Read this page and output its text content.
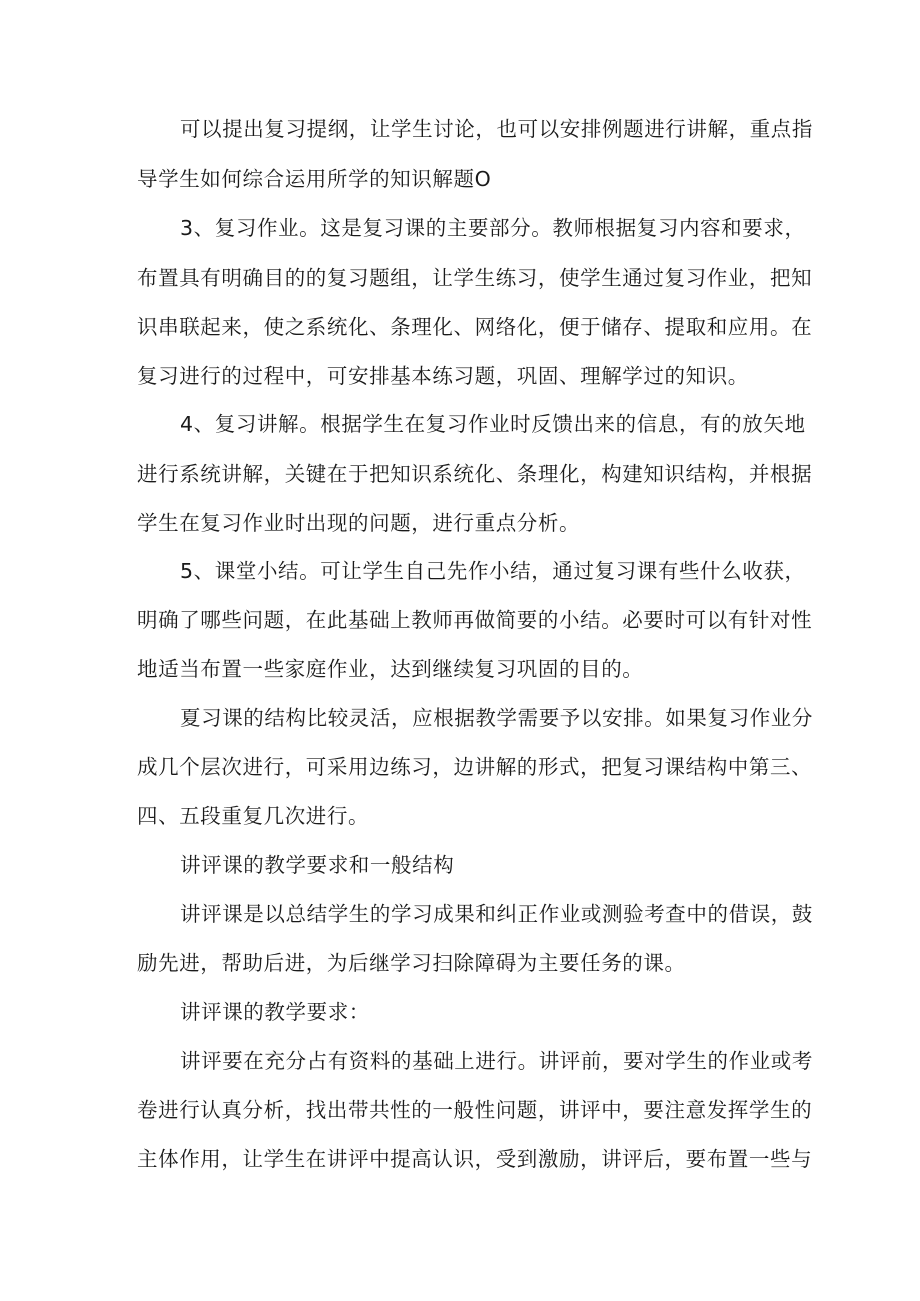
可以提出复习提纲，让学生讨论，也可以安排例题进行讲解，重点指
导学生如何综合运用所学的知识解题O
3、复习作业。这是复习课的主要部分。教师根据复习内容和要求，
布置具有明确目的的复习题组，让学生练习，使学生通过复习作业，把知
识串联起来，使之系统化、条理化、网络化，便于储存、提取和应用。在
复习进行的过程中，可安排基本练习题，巩固、理解学过的知识。
4、复习讲解。根据学生在复习作业时反馈出来的信息，有的放矢地
进行系统讲解，关键在于把知识系统化、条理化，构建知识结构，并根据
学生在复习作业时出现的问题，进行重点分析。
5、课堂小结。可让学生自己先作小结，通过复习课有些什么收获，
明确了哪些问题，在此基础上教师再做简要的小结。必要时可以有针对性
地适当布置一些家庭作业，达到继续复习巩固的目的。
夏习课的结构比较灵活，应根据教学需要予以安排。如果复习作业分
成几个层次进行，可采用边练习，边讲解的形式，把复习课结构中第三、
四、五段重复几次进行。
讲评课的教学要求和一般结构
讲评课是以总结学生的学习成果和纠正作业或测验考查中的借误，鼓
励先进，帮助后进，为后继学习扫除障碍为主要任务的课。
讲评课的教学要求：
讲评要在充分占有资料的基础上进行。讲评前，要对学生的作业或考
卷进行认真分析，找出带共性的一般性问题，讲评中，要注意发挥学生的
主体作用，让学生在讲评中提高认识，受到激励，讲评后，要布置一些与
